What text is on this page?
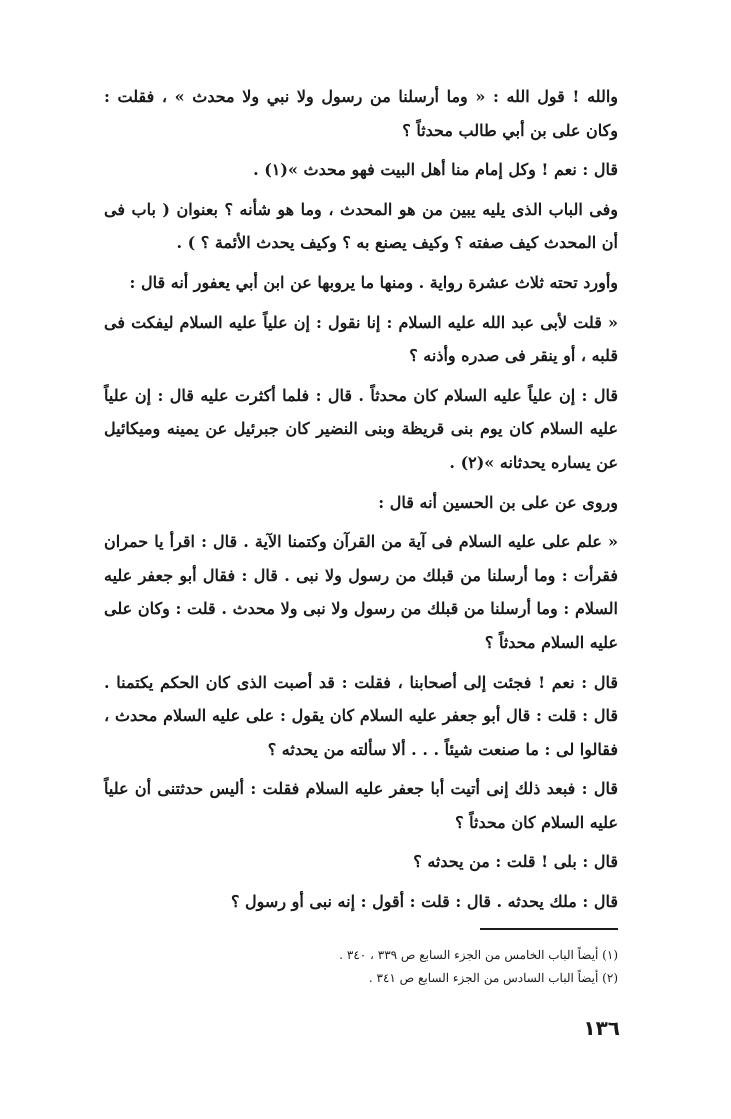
والله ! قول الله : « وما أرسلنا من رسول ولا نبي ولا محدث » ، فقلت : وكان على بن أبي طالب محدثاً ؟

قال : نعم ! وكل إمام منا أهل البيت فهو محدث »(١) .

وفى الباب الذى يليه يبين من هو المحدث ، وما هو شأنه ؟ بعنوان ( باب فى أن المحدث كيف صفته ؟ وكيف يصنع به ؟ وكيف يحدث الأئمة ؟ ) .

وأورد تحته ثلاث عشرة رواية . ومنها ما يروبها عن ابن أبي يعفور أنه قال :

« قلت لأبى عبد الله عليه السلام : إنا نقول : إن علياً عليه السلام ليفكت فى قلبه ، أو ينقر فى صدره وأذنه ؟

قال : إن علياً عليه السلام كان محدثاً . قال : فلما أكثرت عليه قال : إن علياً عليه السلام كان يوم بنى قريظة وبنى النضير كان جبرئيل عن يمينه وميكائيل عن يساره يحدثانه »(٢) .

وروى عن على بن الحسين أنه قال :

« علم على عليه السلام فى آية من القرآن وكتمنا الآية . قال : اقرأ يا حمران فقرأت : وما أرسلنا من قبلك من رسول ولا نبى . قال : فقال أبو جعفر عليه السلام : وما أرسلنا من قبلك من رسول ولا نبى ولا محدث . قلت : وكان على عليه السلام محدثاً ؟

قال : نعم ! فجئت إلى أصحابنا ، فقلت : قد أصبت الذى كان الحكم يكتمنا . قال : قلت : قال أبو جعفر عليه السلام كان يقول : على عليه السلام محدث ، فقالوا لى : ما صنعت شيئاً . . . ألا سألته من يحدثه ؟

قال : فبعد ذلك إنى أتيت أبا جعفر عليه السلام فقلت : أليس حدثتنى أن علياً عليه السلام كان محدثاً ؟

قال : بلى ! قلت : من يحدثه ؟

قال : ملك يحدثه . قال : قلت : أقول : إنه نبى أو رسول ؟

(١) أيضاً الباب الخامس من الجزء السابع ص ٣٣٩ ، ٣٤٠ .
(٢) أيضاً الباب السادس من الجزء السابع ص ٣٤١ .
١٣٦
